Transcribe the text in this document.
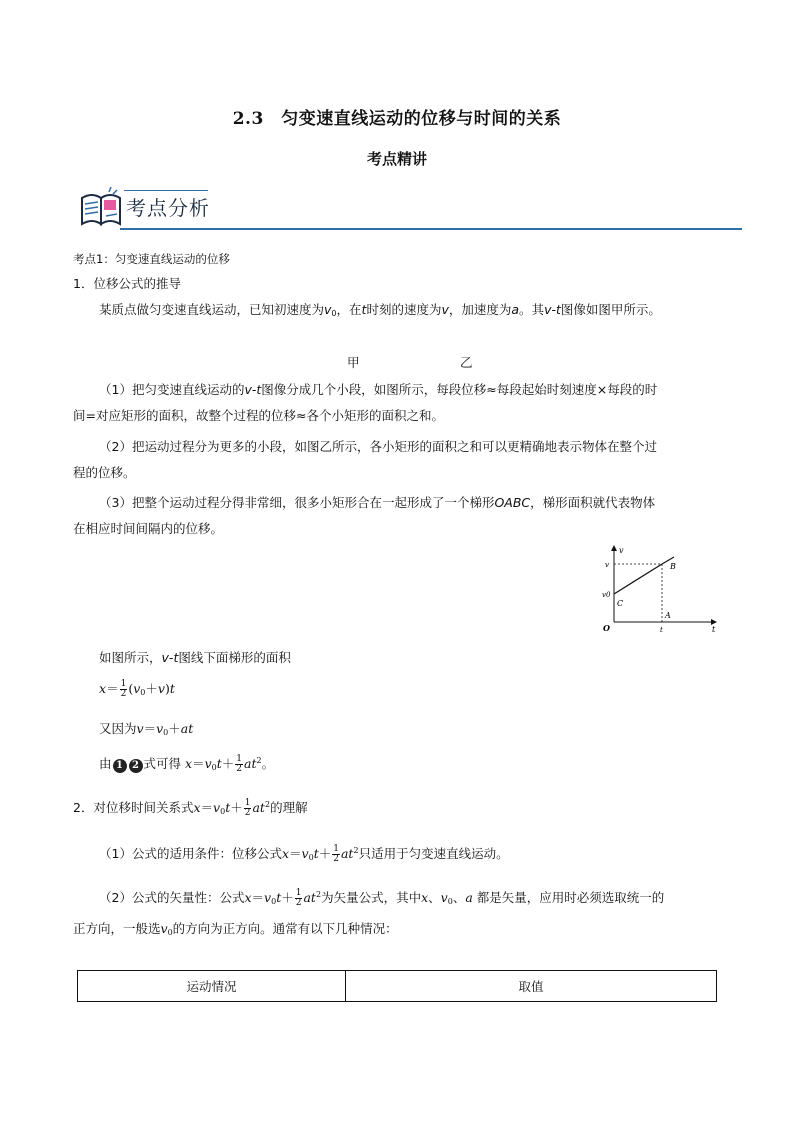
2.3　匀变速直线运动的位移与时间的关系
考点精讲
考点分析
考点1：匀变速直线运动的位移
1．位移公式的推导
某质点做匀变速直线运动，已知初速度为$v_0$，在t时刻的速度为v，加速度为a。其v-t图像如图甲所示。
甲	乙
（1）把匀变速直线运动的v-t图像分成几个小段，如图所示，每段位移≈每段起始时刻速度×每段的时
间=对应矩形的面积，故整个过程的位移≈各个小矩形的面积之和。
（2）把运动过程分为更多的小段，如图乙所示，各小矩形的面积之和可以更精确地表示物体在整个过
程的位移。
（3）把整个运动过程分得非常细，很多小矩形合在一起形成了一个梯形OABC，梯形面积就代表物体
在相应时间间隔内的位移。
v
t
v
v0
O	t
A
B
C
如图所示，v-t图线下面梯形的面积
$x= \frac{1}{2} (v_0+v)t$
又因为$v=v_0+at$
由 1 2 式可得 $x=v_0t+ \frac{1}{2} at^2$。
2．对位移时间关系式$x=v_0t+ \frac{1}{2} at^2$的理解
（1）公式的适用条件：位移公式$x=v_0t+ \frac{1}{2} at^2$只适用于匀变速直线运动。
（2）公式的矢量性：公式$x=v_0t+ \frac{1}{2} at^2$为矢量公式，其中x、$v_0$、a 都是矢量，应用时必须选取统一的
正方向，一般选$v_0$的方向为正方向。通常有以下几种情况：
运动情况	取值
